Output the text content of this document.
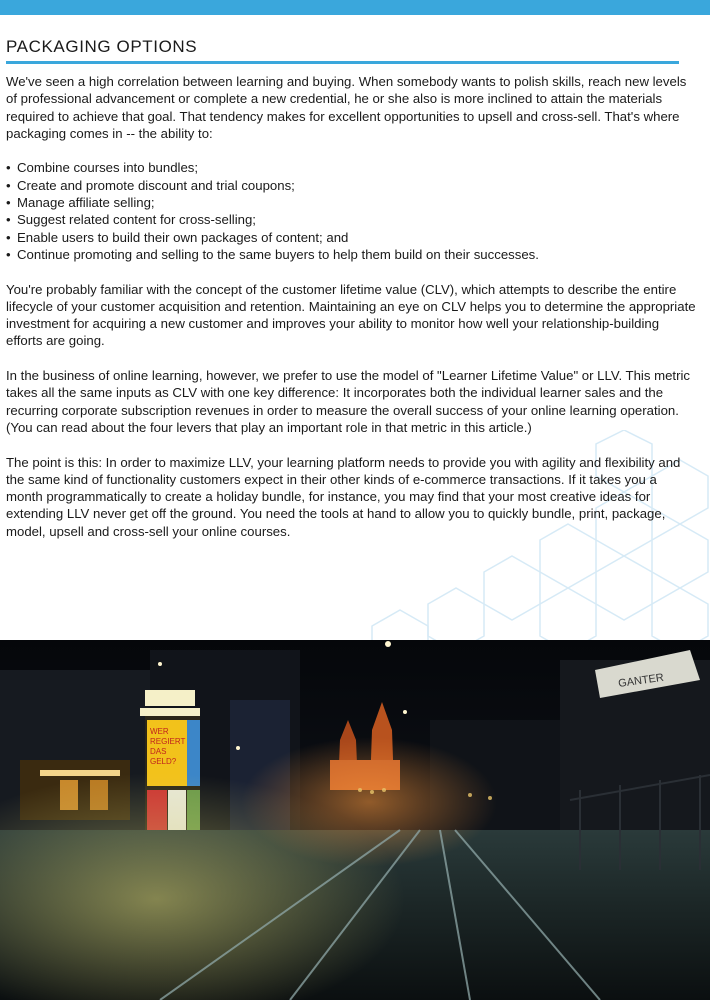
PACKAGING OPTIONS

We've seen a high correlation between learning and buying. When somebody wants to polish skills, reach new levels of professional advancement or complete a new credential, he or she also is more inclined to attain the materials required to achieve that goal. That tendency makes for excellent opportunities to upsell and cross-sell. That's where packaging comes in -- the ability to:

• Combine courses into bundles;
• Create and promote discount and trial coupons;
• Manage affiliate selling;
• Suggest related content for cross-selling;
• Enable users to build their own packages of content; and
• Continue promoting and selling to the same buyers to help them build on their successes.

You're probably familiar with the concept of the customer lifetime value (CLV), which attempts to describe the entire lifecycle of your customer acquisition and retention. Maintaining an eye on CLV helps you to determine the appropriate investment for acquiring a new customer and improves your ability to monitor how well your relationship-building efforts are going.

In the business of online learning, however, we prefer to use the model of "Learner Lifetime Value" or LLV. This metric takes all the same inputs as CLV with one key difference: It incorporates both the individual learner sales and the recurring corporate subscription revenues in order to measure the overall success of your online learning operation. (You can read about the four levers that play an important role in that metric in this article.)

The point is this: In order to maximize LLV, your learning platform needs to provide you with agility and flexibility and the same kind of functionality customers expect in their other kinds of e-commerce transactions. If it takes you a month programmatically to create a holiday bundle, for instance, you may find that your most creative ideas for extending LLV never get off the ground. You need the tools at hand to allow you to quickly bundle, print, package, model, upsell and cross-sell your online courses.
